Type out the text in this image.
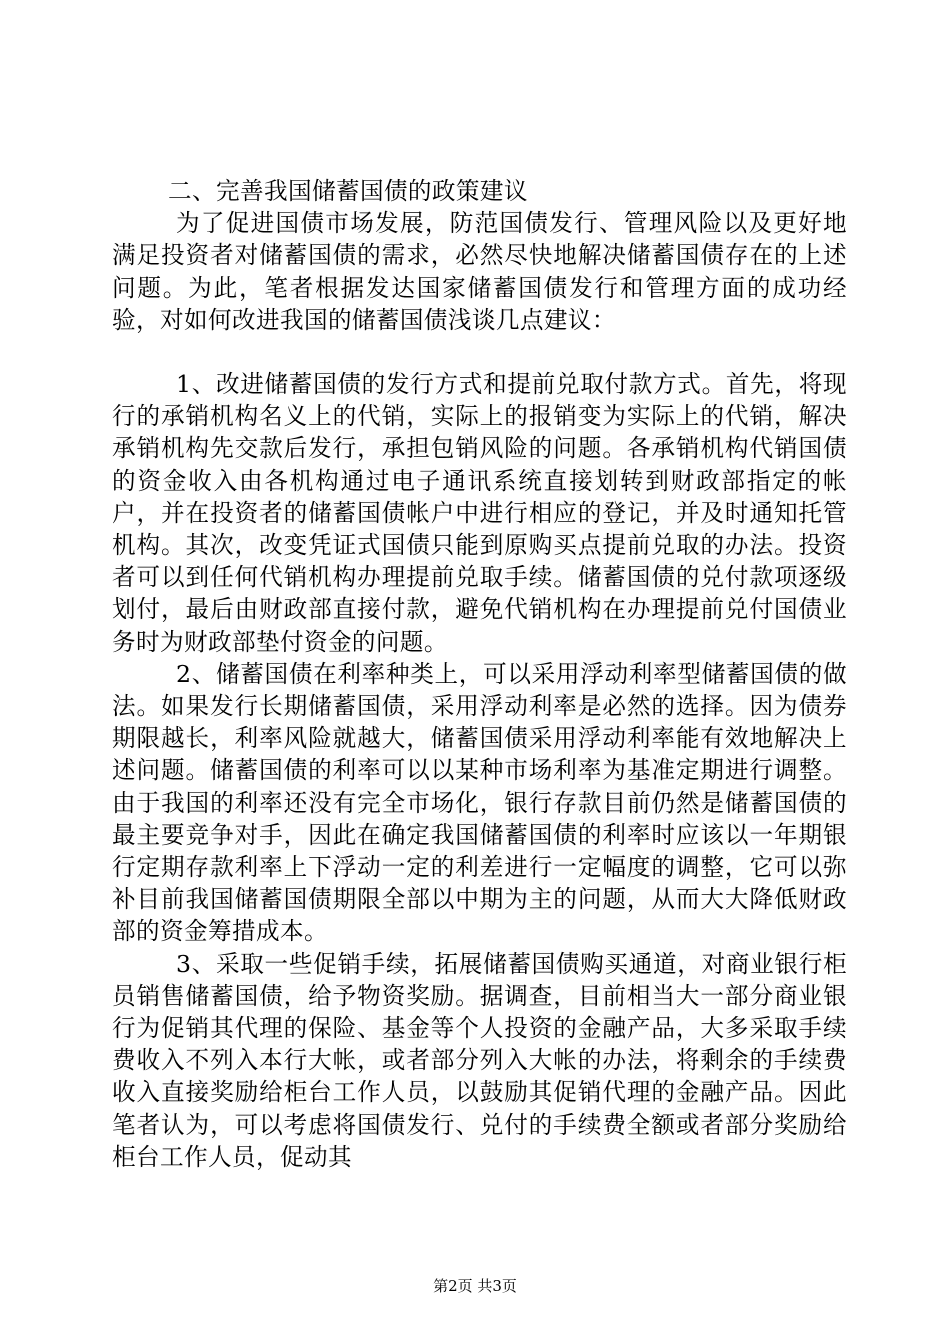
二、完善我国储蓄国债的政策建议

为了促进国债市场发展，防范国债发行、管理风险以及更好地满足投资者对储蓄国债的需求，必然尽快地解决储蓄国债存在的上述问题。为此，笔者根据发达国家储蓄国债发行和管理方面的成功经验，对如何改进我国的储蓄国债浅谈几点建议：

1、改进储蓄国债的发行方式和提前兑取付款方式。首先，将现行的承销机构名义上的代销，实际上的报销变为实际上的代销，解决承销机构先交款后发行，承担包销风险的问题。各承销机构代销国债的资金收入由各机构通过电子通讯系统直接划转到财政部指定的帐户，并在投资者的储蓄国债帐户中进行相应的登记，并及时通知托管机构。其次，改变凭证式国债只能到原购买点提前兑取的办法。投资者可以到任何代销机构办理提前兑取手续。储蓄国债的兑付款项逐级划付，最后由财政部直接付款，避免代销机构在办理提前兑付国债业务时为财政部垫付资金的问题。

2、储蓄国债在利率种类上，可以采用浮动利率型储蓄国债的做法。如果发行长期储蓄国债，采用浮动利率是必然的选择。因为债券期限越长，利率风险就越大，储蓄国债采用浮动利率能有效地解决上述问题。储蓄国债的利率可以以某种市场利率为基准定期进行调整。由于我国的利率还没有完全市场化，银行存款目前仍然是储蓄国债的最主要竞争对手，因此在确定我国储蓄国债的利率时应该以一年期银行定期存款利率上下浮动一定的利差进行一定幅度的调整，它可以弥补目前我国储蓄国债期限全部以中期为主的问题，从而大大降低财政部的资金筹措成本。

3、采取一些促销手续，拓展储蓄国债购买通道，对商业银行柜员销售储蓄国债，给予物资奖励。据调查，目前相当大一部分商业银行为促销其代理的保险、基金等个人投资的金融产品，大多采取手续费收入不列入本行大帐，或者部分列入大帐的办法，将剩余的手续费收入直接奖励给柜台工作人员，以鼓励其促销代理的金融产品。因此笔者认为，可以考虑将国债发行、兑付的手续费全额或者部分奖励给柜台工作人员，促动其

第2页 共3页
